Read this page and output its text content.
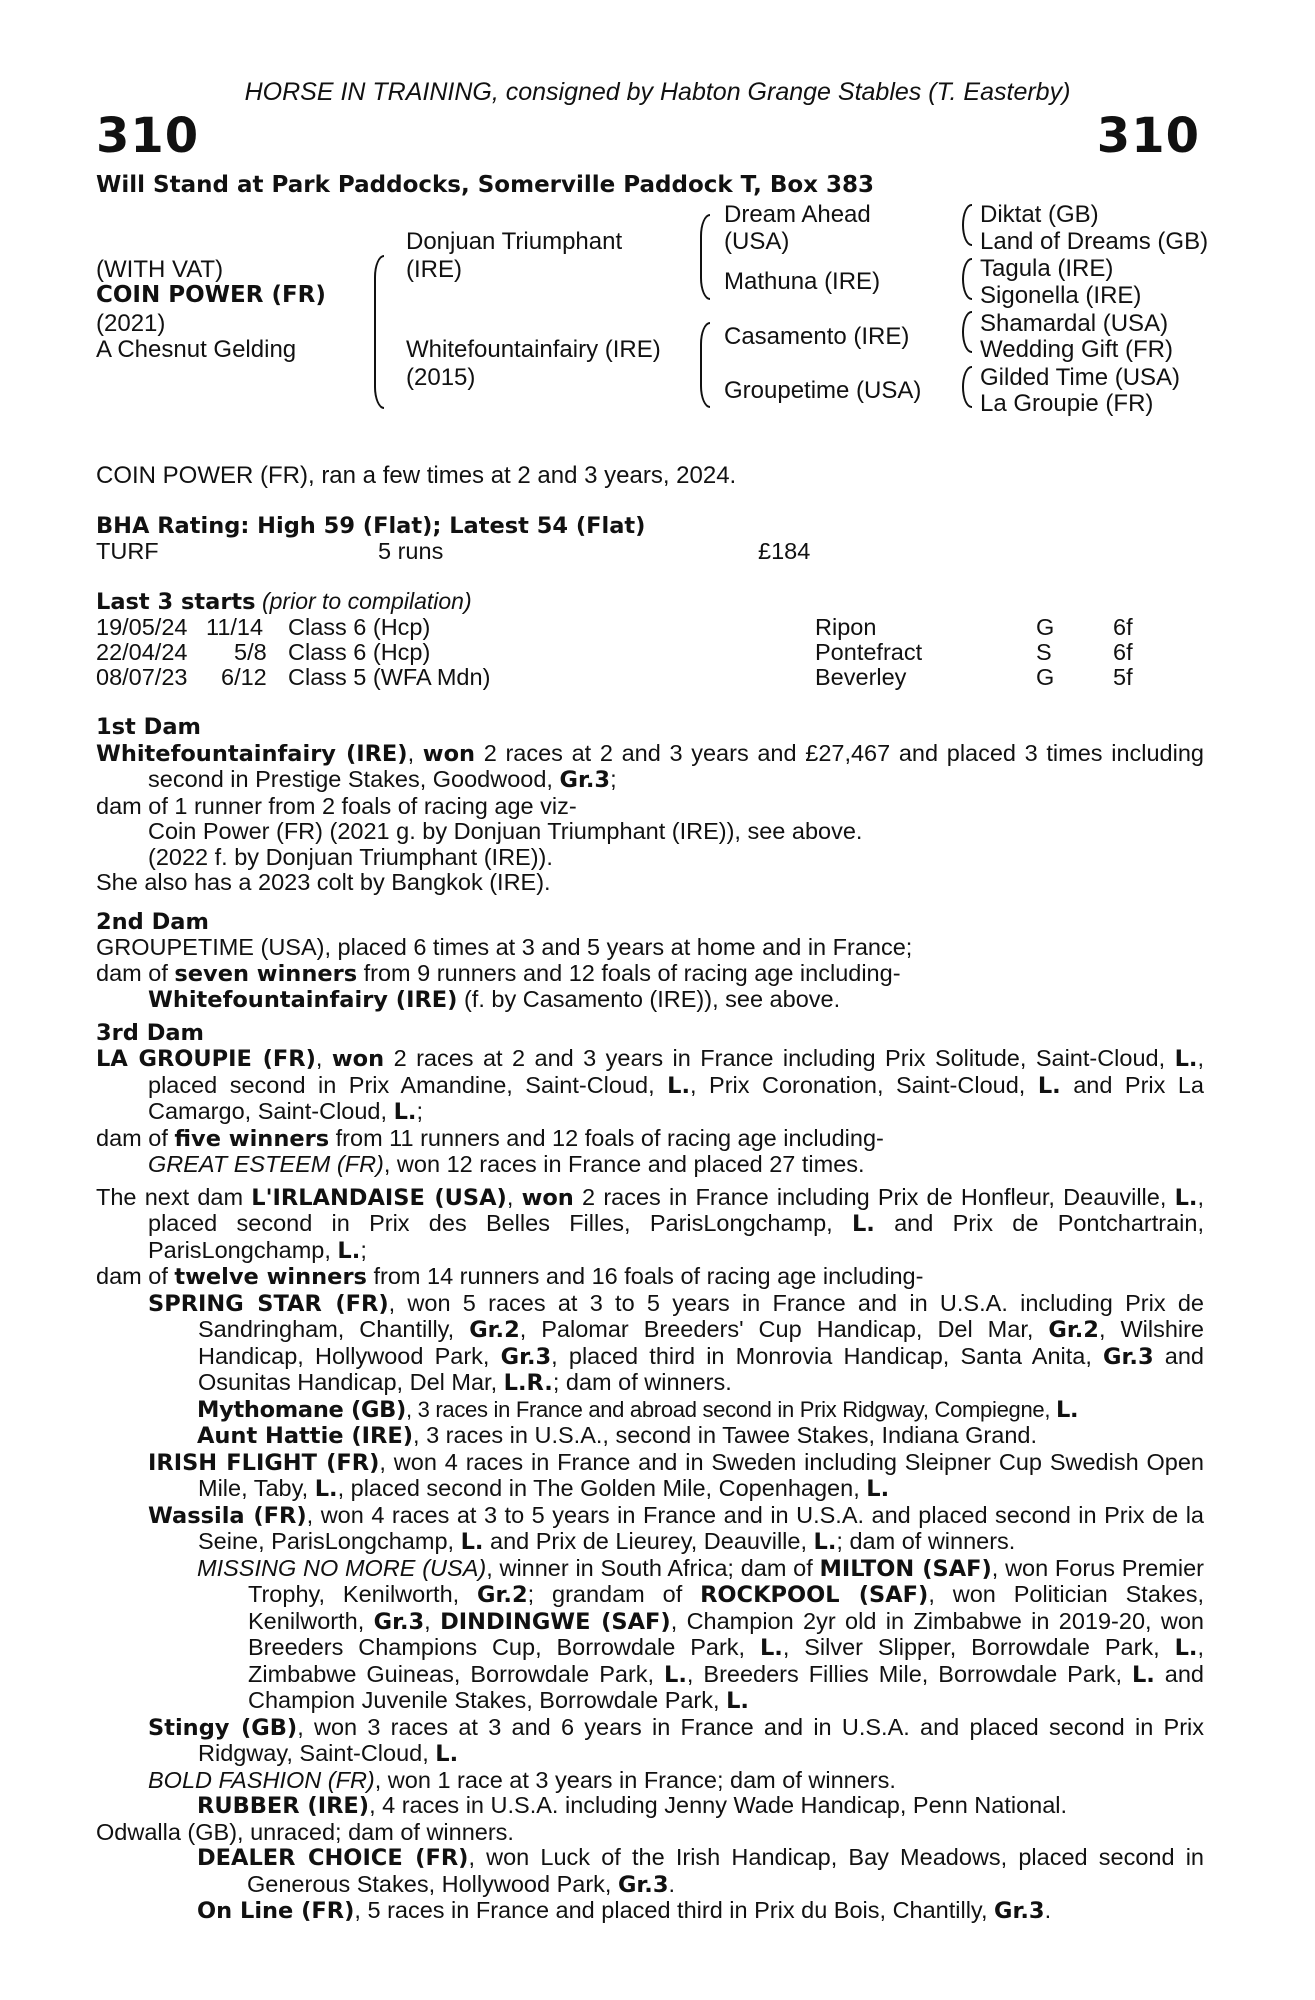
HORSE IN TRAINING, consigned by Habton Grange Stables (T. Easterby)
310	310
Will Stand at Park Paddocks, Somerville Paddock T, Box 383
(WITH VAT)
COIN POWER (FR)
(2021)
A Chesnut Gelding
Donjuan Triumphant
(IRE)
Whitefountainfairy (IRE)
(2015)
Dream Ahead
(USA)
Mathuna (IRE)
Casamento (IRE)
Groupetime (USA)
Diktat (GB)
Land of Dreams (GB)
Tagula (IRE)
Sigonella (IRE)
Shamardal (USA)
Wedding Gift (FR)
Gilded Time (USA)
La Groupie (FR)
COIN POWER (FR), ran a few times at 2 and 3 years, 2024.
BHA Rating: High 59 (Flat); Latest 54 (Flat)
TURF	5 runs	£184
Last 3 starts (prior to compilation)
19/05/24 11/14 Class 6 (Hcp)	Ripon	G 6f
22/04/24 5/8 Class 6 (Hcp)	Pontefract	S	6f
08/07/23 6/12 Class 5 (WFA Mdn)	Beverley	G 5f
1st Dam

Whitefountainfairy (IRE), won 2 races at 2 and 3 years and £27,467 and placed 3 times including second in Prestige Stakes, Goodwood, Gr.3;

dam of 1 runner from 2 foals of racing age viz-

Coin Power (FR) (2021 g. by Donjuan Triumphant (IRE)), see above.

(2022 f. by Donjuan Triumphant (IRE)).

She also has a 2023 colt by Bangkok (IRE).

2nd Dam

GROUPETIME (USA), placed 6 times at 3 and 5 years at home and in France;

dam of seven winners from 9 runners and 12 foals of racing age including-

Whitefountainfairy (IRE) (f. by Casamento (IRE)), see above.

3rd Dam

LA GROUPIE (FR), won 2 races at 2 and 3 years in France including Prix Solitude, Saint-Cloud, L., placed second in Prix Amandine, Saint-Cloud, L., Prix Coronation, Saint-Cloud, L. and Prix La Camargo, Saint-Cloud, L.;

dam of five winners from 11 runners and 12 foals of racing age including-

GREAT ESTEEM (FR), won 12 races in France and placed 27 times.

The next dam L'IRLANDAISE (USA), won 2 races in France including Prix de Honfleur, Deauville, L., placed second in Prix des Belles Filles, ParisLongchamp, L. and Prix de Pontchartrain, ParisLongchamp, L.;

dam of twelve winners from 14 runners and 16 foals of racing age including-

SPRING STAR (FR), won 5 races at 3 to 5 years in France and in U.S.A. including Prix de Sandringham, Chantilly, Gr.2, Palomar Breeders' Cup Handicap, Del Mar, Gr.2, Wilshire Handicap, Hollywood Park, Gr.3, placed third in Monrovia Handicap, Santa Anita, Gr.3 and Osunitas Handicap, Del Mar, L.R.; dam of winners.

Mythomane (GB), 3 races in France and abroad second in Prix Ridgway, Compiegne, L.

Aunt Hattie (IRE), 3 races in U.S.A., second in Tawee Stakes, Indiana Grand.

IRISH FLIGHT (FR), won 4 races in France and in Sweden including Sleipner Cup Swedish Open Mile, Taby, L., placed second in The Golden Mile, Copenhagen, L.

Wassila (FR), won 4 races at 3 to 5 years in France and in U.S.A. and placed second in Prix de la Seine, ParisLongchamp, L. and Prix de Lieurey, Deauville, L.; dam of winners.

MISSING NO MORE (USA), winner in South Africa; dam of MILTON (SAF), won Forus Premier Trophy, Kenilworth, Gr.2; grandam of ROCKPOOL (SAF), won Politician Stakes, Kenilworth, Gr.3, DINDINGWE (SAF), Champion 2yr old in Zimbabwe in 2019-20, won Breeders Champions Cup, Borrowdale Park, L., Silver Slipper, Borrowdale Park, L., Zimbabwe Guineas, Borrowdale Park, L., Breeders Fillies Mile, Borrowdale Park, L. and Champion Juvenile Stakes, Borrowdale Park, L.

Stingy (GB), won 3 races at 3 and 6 years in France and in U.S.A. and placed second in Prix Ridgway, Saint-Cloud, L.

BOLD FASHION (FR), won 1 race at 3 years in France; dam of winners.

RUBBER (IRE), 4 races in U.S.A. including Jenny Wade Handicap, Penn National.

Odwalla (GB), unraced; dam of winners.

DEALER CHOICE (FR), won Luck of the Irish Handicap, Bay Meadows, placed second in Generous Stakes, Hollywood Park, Gr.3.

On Line (FR), 5 races in France and placed third in Prix du Bois, Chantilly, Gr.3.
